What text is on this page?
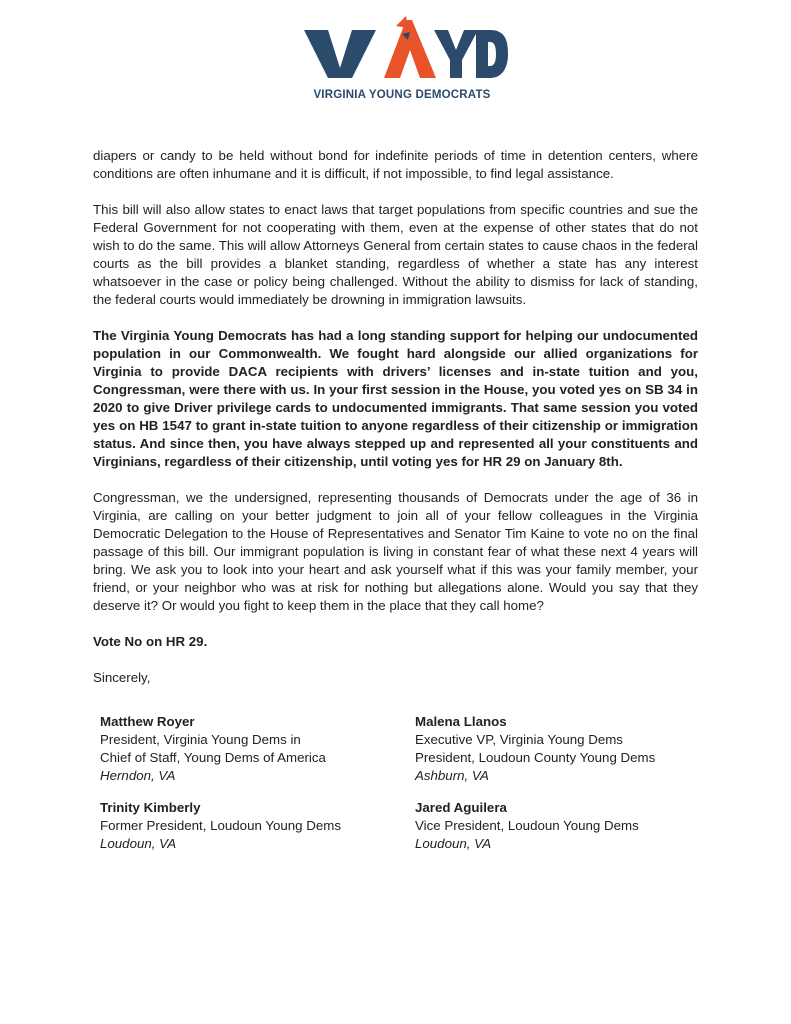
VIRGINIA YOUNG DEMOCRATS

diapers or candy to be held without bond for indefinite periods of time in detention centers, where conditions are often inhumane and it is difficult, if not impossible, to find legal assistance.

This bill will also allow states to enact laws that target populations from specific countries and sue the Federal Government for not cooperating with them, even at the expense of other states that do not wish to do the same. This will allow Attorneys General from certain states to cause chaos in the federal courts as the bill provides a blanket standing, regardless of whether a state has any interest whatsoever in the case or policy being challenged. Without the ability to dismiss for lack of standing, the federal courts would immediately be drowning in immigration lawsuits.

The Virginia Young Democrats has had a long standing support for helping our undocumented population in our Commonwealth. We fought hard alongside our allied organizations for Virginia to provide DACA recipients with drivers’ licenses and in-state tuition and you, Congressman, were there with us. In your first session in the House, you voted yes on SB 34 in 2020 to give Driver privilege cards to undocumented immigrants. That same session you voted yes on HB 1547 to grant in-state tuition to anyone regardless of their citizenship or immigration status. And since then, you have always stepped up and represented all your constituents and Virginians, regardless of their citizenship, until voting yes for HR 29 on January 8th.

Congressman, we the undersigned, representing thousands of Democrats under the age of 36 in Virginia, are calling on your better judgment to join all of your fellow colleagues in the Virginia Democratic Delegation to the House of Representatives and Senator Tim Kaine to vote no on the final passage of this bill. Our immigrant population is living in constant fear of what these next 4 years will bring. We ask you to look into your heart and ask yourself what if this was your family member, your friend, or your neighbor who was at risk for nothing but allegations alone. Would you say that they deserve it? Or would you fight to keep them in the place that they call home?

Vote No on HR 29.

Sincerely,

Matthew Royer
President, Virginia Young Dems in
Chief of Staff, Young Dems of America
Herndon, VA
Malena Llanos
Executive VP, Virginia Young Dems
President, Loudoun County Young Dems
Ashburn, VA
Trinity Kimberly
Former President, Loudoun Young Dems
Loudoun, VA
Jared Aguilera
Vice President, Loudoun Young Dems
Loudoun, VA
